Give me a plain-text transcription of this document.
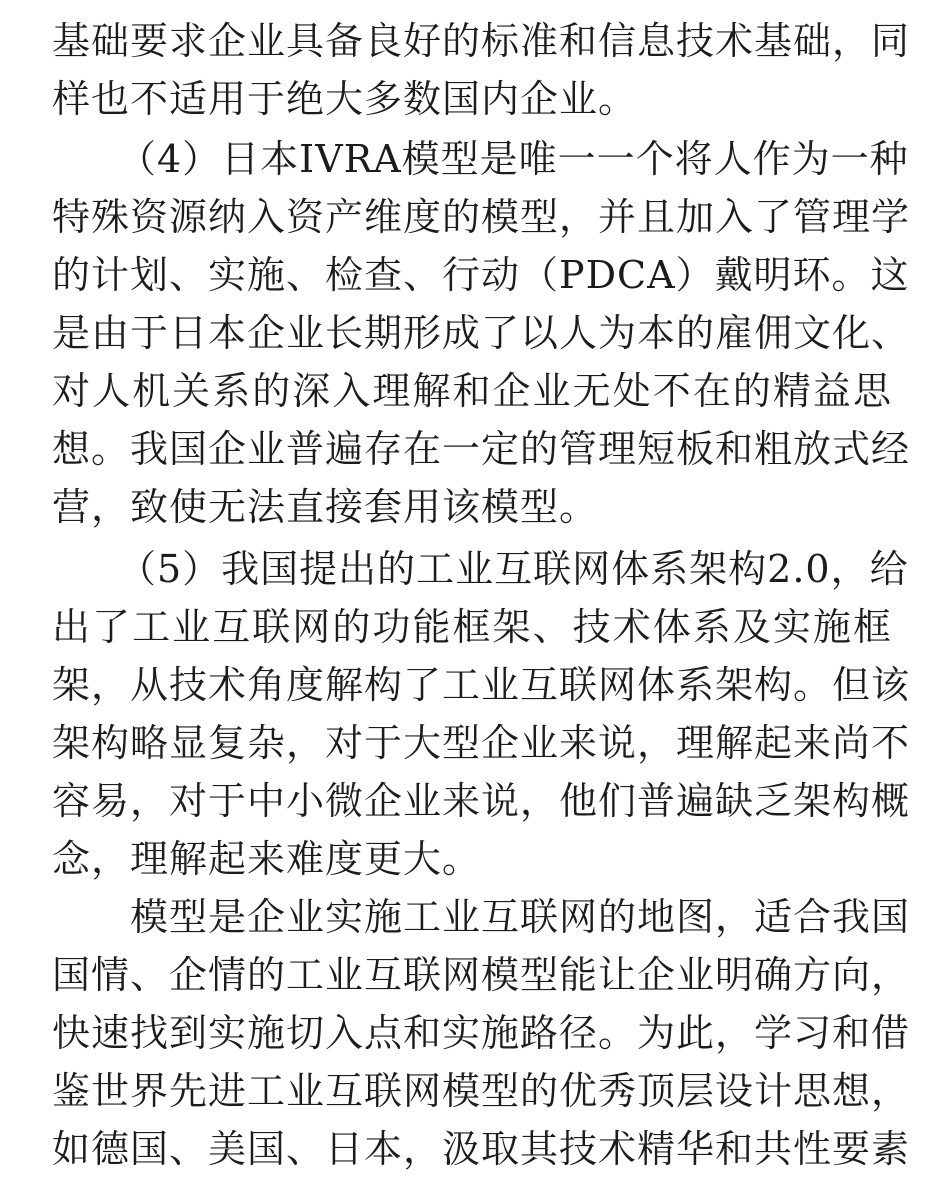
基础要求企业具备良好的标准和信息技术基础，同
样也不适用于绝大多数国内企业。
（4）日本IVRA模型是唯一一个将人作为一种
特殊资源纳入资产维度的模型，并且加入了管理学
的计划、实施、检查、行动（PDCA）戴明环。这
是由于日本企业长期形成了以人为本的雇佣文化、
对人机关系的深入理解和企业无处不在的精益思
想。我国企业普遍存在一定的管理短板和粗放式经
营，致使无法直接套用该模型。
（5）我国提出的工业互联网体系架构2.0，给
出了工业互联网的功能框架、技术体系及实施框
架，从技术角度解构了工业互联网体系架构。但该
架构略显复杂，对于大型企业来说，理解起来尚不
容易，对于中小微企业来说，他们普遍缺乏架构概
念，理解起来难度更大。
模型是企业实施工业互联网的地图，适合我国
国情、企情的工业互联网模型能让企业明确方向，
快速找到实施切入点和实施路径。为此，学习和借
鉴世界先进工业互联网模型的优秀顶层设计思想，
如德国、美国、日本，汲取其技术精华和共性要素
